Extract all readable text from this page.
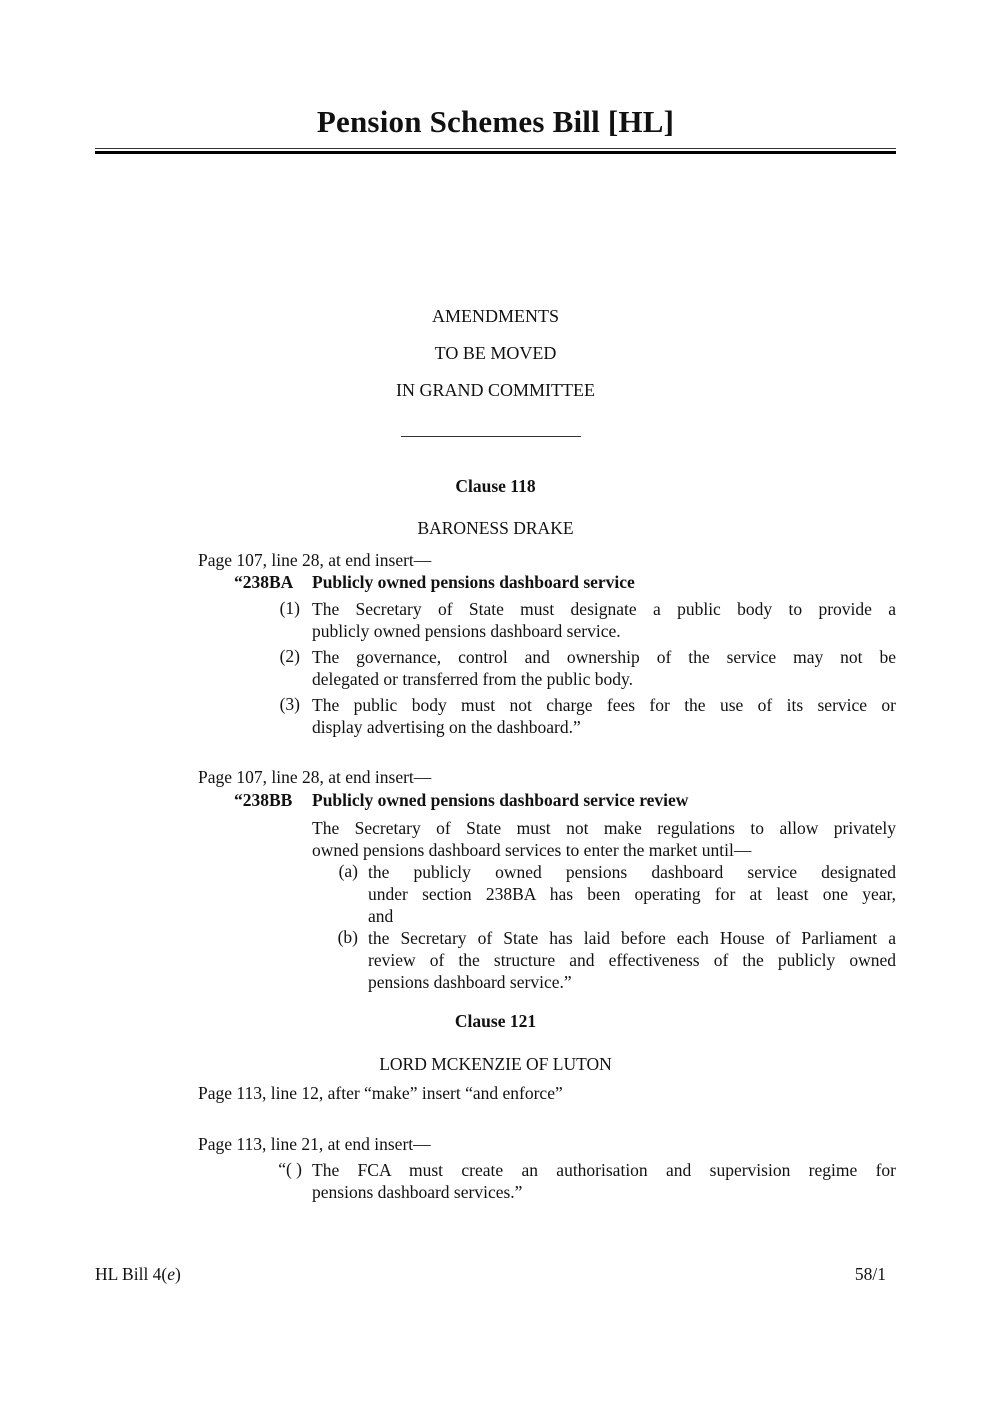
Pension Schemes Bill [HL]
AMENDMENTS
TO BE MOVED
IN GRAND COMMITTEE
Clause 118
BARONESS DRAKE
Page 107, line 28, at end insert—
“238BA Publicly owned pensions dashboard service
(1) The Secretary of State must designate a public body to provide a
publicly owned pensions dashboard service.
(2) The governance, control and ownership of the service may not be
delegated or transferred from the public body.
(3) The public body must not charge fees for the use of its service or
display advertising on the dashboard.”
Page 107, line 28, at end insert—
“238BB Publicly owned pensions dashboard service review
The Secretary of State must not make regulations to allow privately
owned pensions dashboard services to enter the market until—
(a) the publicly owned pensions dashboard service designated
under section 238BA has been operating for at least one year,
and
(b) the Secretary of State has laid before each House of Parliament a
review of the structure and effectiveness of the publicly owned
pensions dashboard service.”
Clause 121
LORD MCKENZIE OF LUTON
Page 113, line 12, after “make” insert “and enforce”
Page 113, line 21, at end insert—
“( ) The FCA must create an authorisation and supervision regime for
pensions dashboard services.”
HL Bill 4(e)	58/1
